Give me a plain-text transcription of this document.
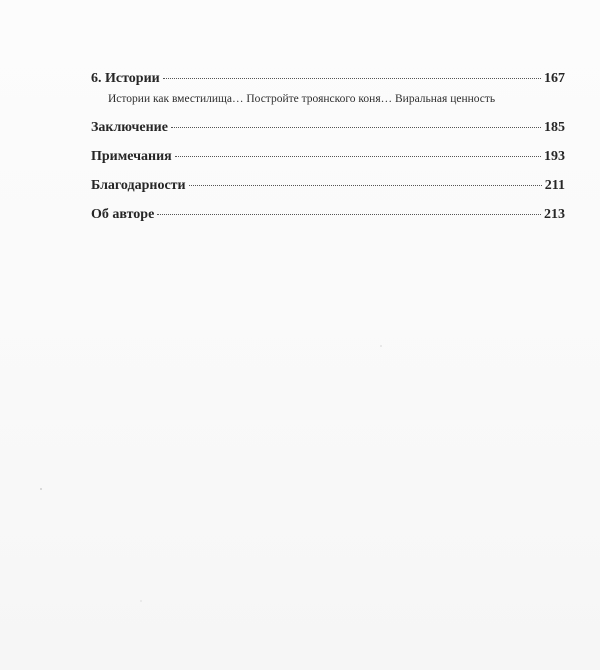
6. Истории	167
Истории как вместилища… Постройте троянского коня… Виральная ценность
Заключение	185
Примечания	193
Благодарности	211
Об авторе	213
